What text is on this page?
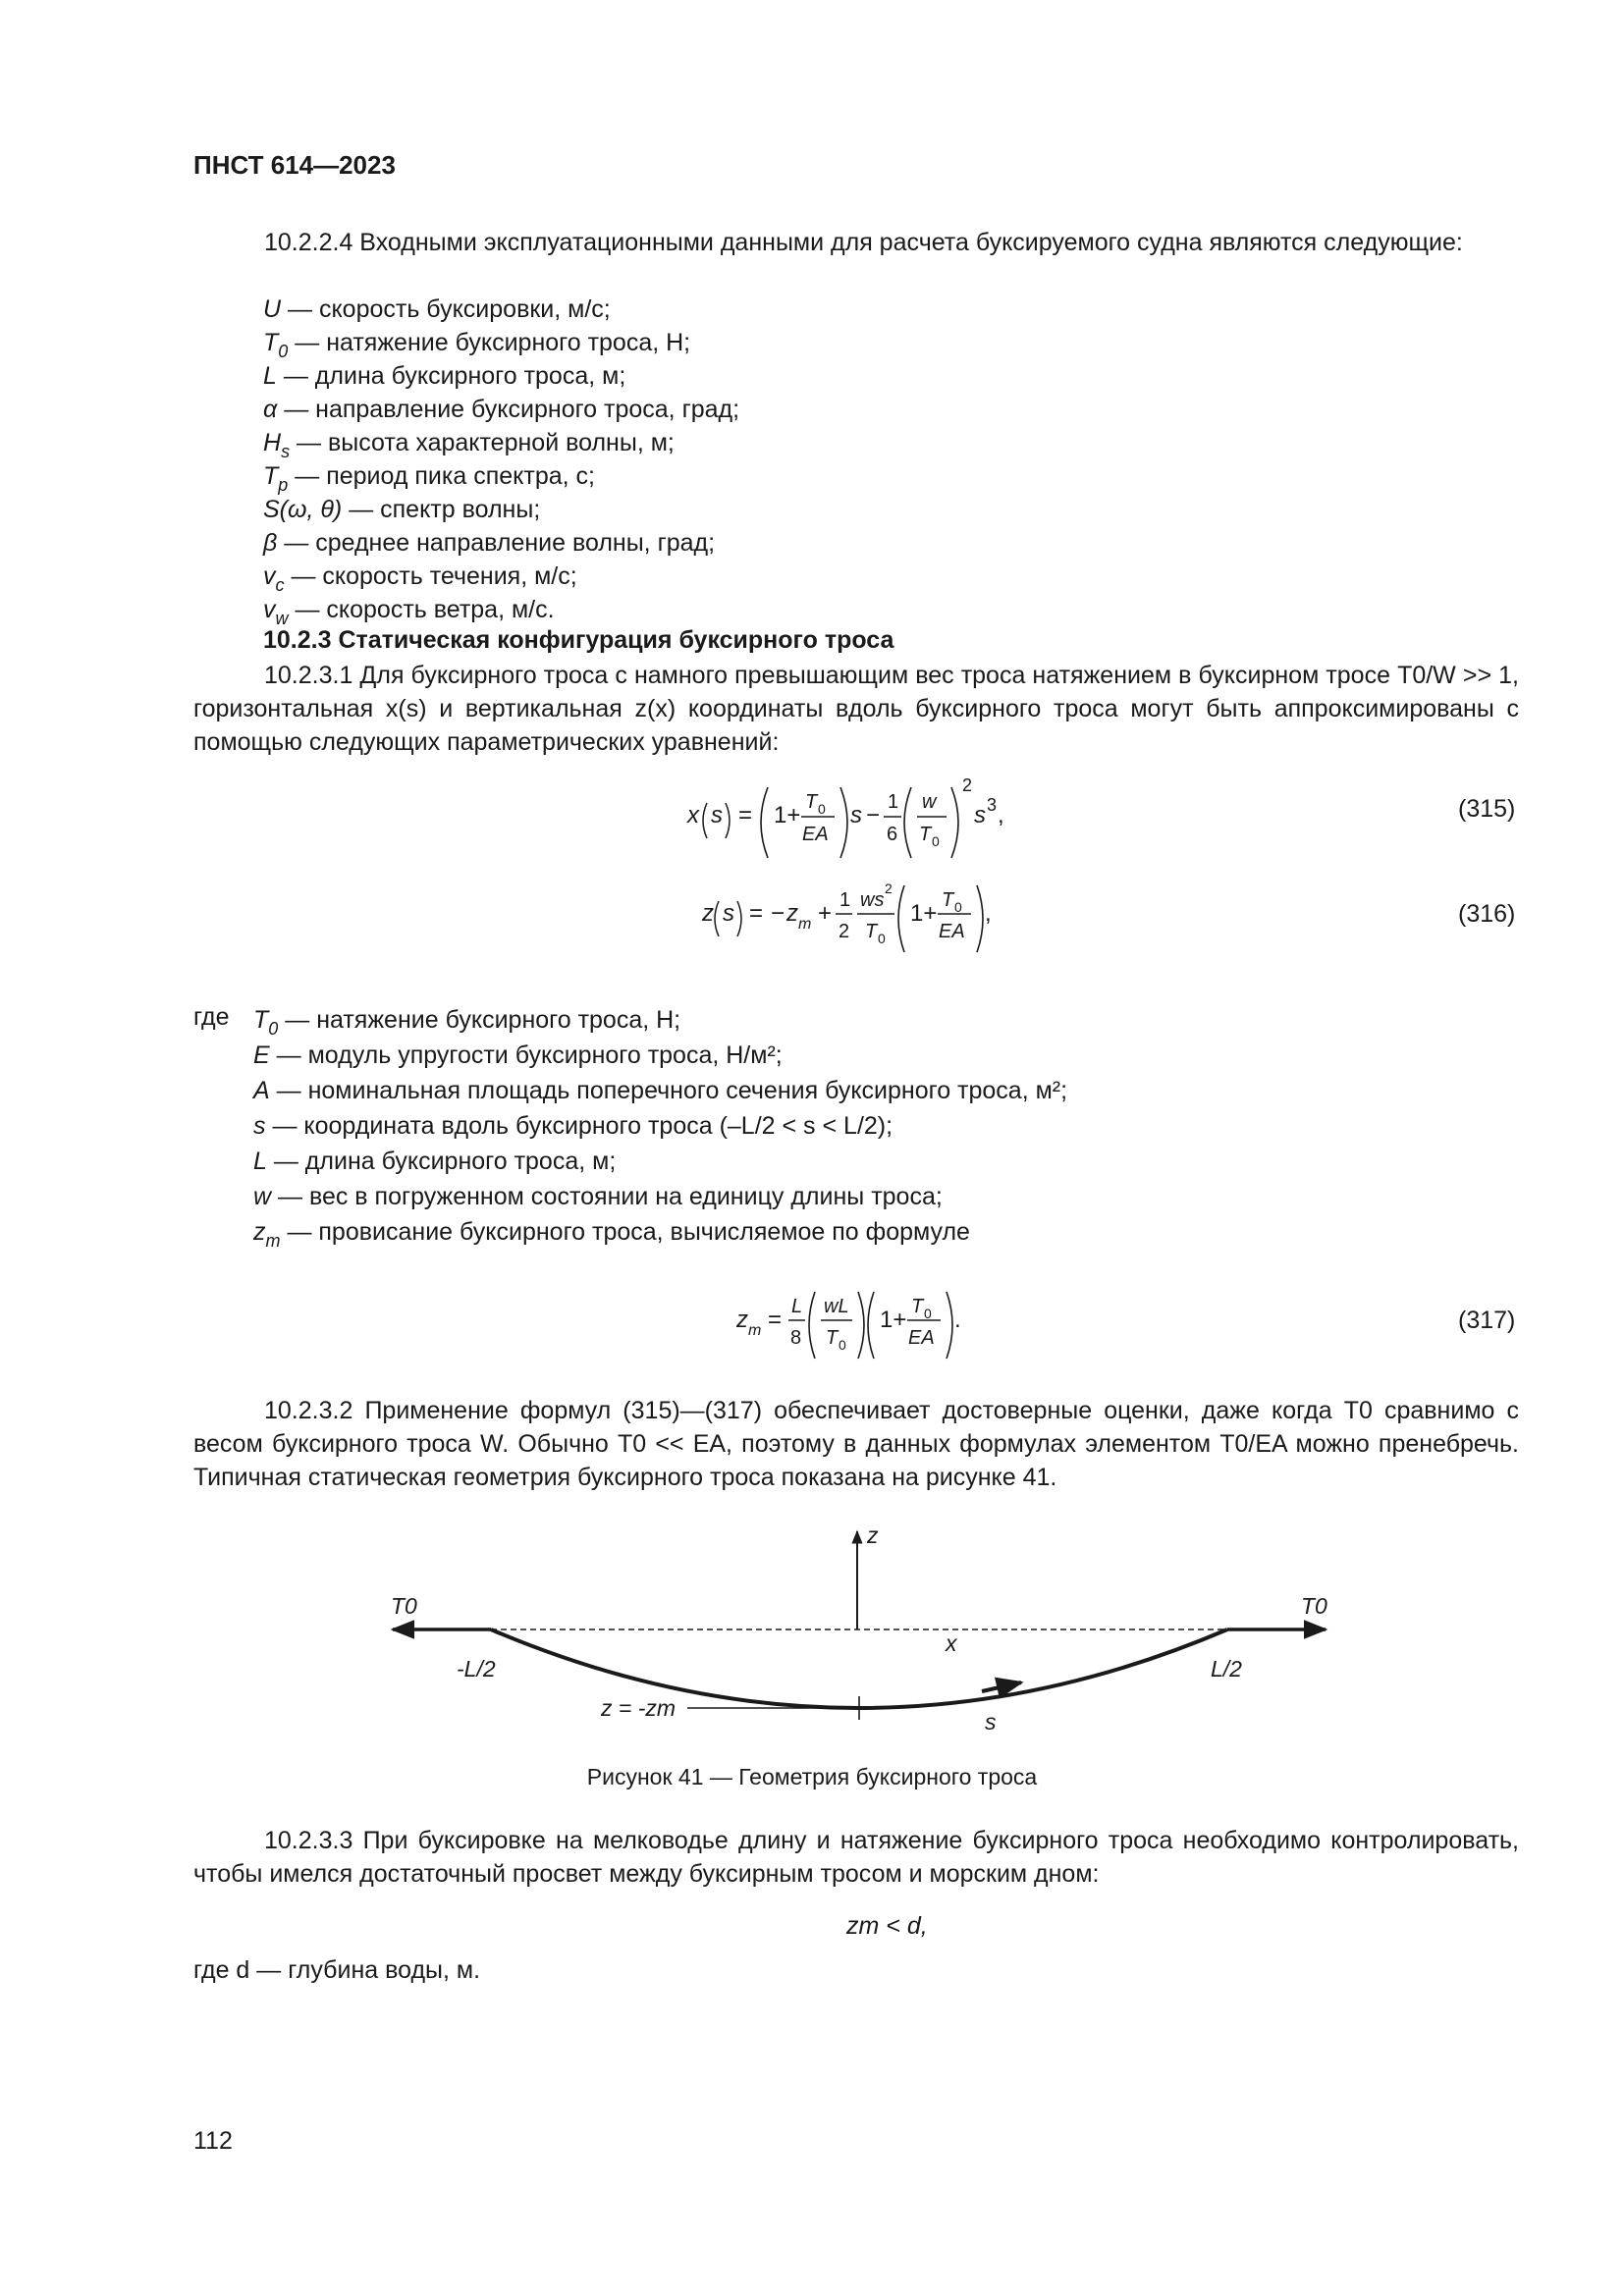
ПНСТ 614—2023
10.2.2.4 Входными эксплуатационными данными для расчета буксируемого судна являются следующие:
U — скорость буксировки, м/с;
$T_0$ — натяжение буксирного троса, Н;
L — длина буксирного троса, м;
α — направление буксирного троса, град;
$H_s$ — высота характерной волны, м;
$T_p$ — период пика спектра, с;
S(ω, θ) — спектр волны;
β — среднее направление волны, град;
$v_c$ — скорость течения, м/с;
$v_w$ — скорость ветра, м/с.
10.2.3 Статическая конфигурация буксирного троса
10.2.3.1 Для буксирного троса с намного превышающим вес троса натяжением в буксирном тросе T0/W >> 1, горизонтальная x(s) и вертикальная z(x) координаты вдоль буксирного троса могут быть аппроксимированы с помощью следующих параметрических уравнений:
x s = 1+ T 0
EA
s − 1
6
w
T 0
2
s 3 ,	(315)
z s = − z m + 1
2
ws
2
T 0
1+ T 0
EA
,	(316)
где $T_0$ — натяжение буксирного троса, Н;
E — модуль упругости буксирного троса, Н/м²;
A — номинальная площадь поперечного сечения буксирного троса, м²;
s — координата вдоль буксирного троса (–L/2 < s < L/2);
L — длина буксирного троса, м;
w — вес в погруженном состоянии на единицу длины троса;
$z_m$ — провисание буксирного троса, вычисляемое по формуле
z m = L
8
wL
T 0
1+ T 0
EA
.	(317)
10.2.3.2 Применение формул (315)—(317) обеспечивает достоверные оценки, даже когда T0 сравнимо с весом буксирного троса W. Обычно T0 << EA, поэтому в данных формулах элементом T0/EA можно пренебречь. Типичная статическая геометрия буксирного троса показана на рисунке 41.
T0	T0
z
x
-L/2	L/2
z = -zm
s
Рисунок 41 — Геометрия буксирного троса
10.2.3.3 При буксировке на мелководье длину и натяжение буксирного троса необходимо контролировать, чтобы имелся достаточный просвет между буксирным тросом и морским дном:
zm < d,
где d — глубина воды, м.
112
